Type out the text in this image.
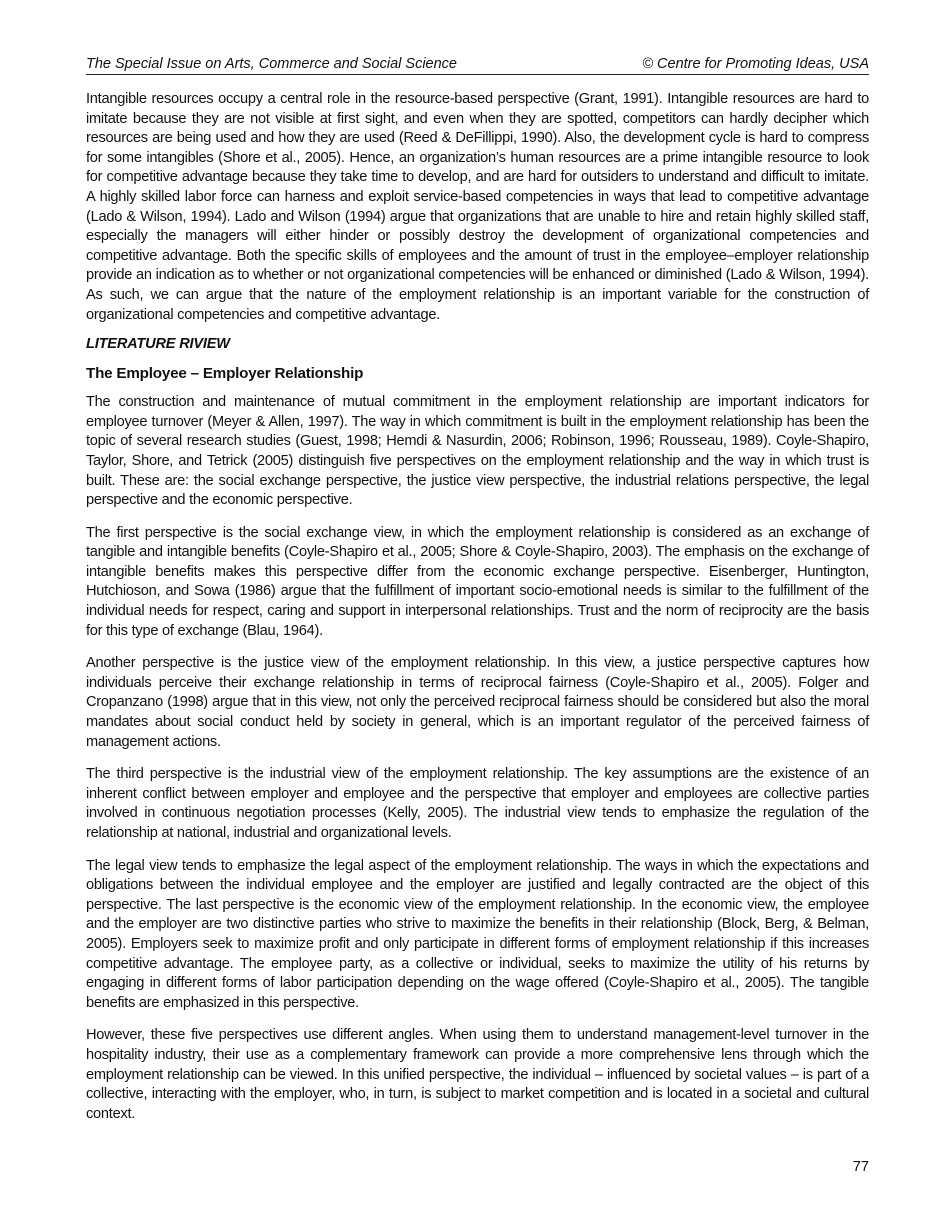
The Special Issue on Arts, Commerce and Social Science	© Centre for Promoting Ideas, USA

Intangible resources occupy a central role in the resource-based perspective (Grant, 1991). Intangible resources are hard to imitate because they are not visible at first sight, and even when they are spotted, competitors can hardly decipher which resources are being used and how they are used (Reed & DeFillippi, 1990). Also, the development cycle is hard to compress for some intangibles (Shore et al., 2005). Hence, an organization’s human resources are a prime intangible resource to look for competitive advantage because they take time to develop, and are hard for outsiders to understand and difficult to imitate. A highly skilled labor force can harness and exploit service-based competencies in ways that lead to competitive advantage (Lado & Wilson, 1994). Lado and Wilson (1994) argue that organizations that are unable to hire and retain highly skilled staff, especially the managers will either hinder or possibly destroy the development of organizational competencies and competitive advantage. Both the specific skills of employees and the amount of trust in the employee–employer relationship provide an indication as to whether or not organizational competencies will be enhanced or diminished (Lado & Wilson, 1994). As such, we can argue that the nature of the employment relationship is an important variable for the construction of organizational competencies and competitive advantage.

LITERATURE RIVIEW
The Employee – Employer Relationship

The construction and maintenance of mutual commitment in the employment relationship are important indicators for employee turnover (Meyer & Allen, 1997). The way in which commitment is built in the employment relationship has been the topic of several research studies (Guest, 1998; Hemdi & Nasurdin, 2006; Robinson, 1996; Rousseau, 1989). Coyle-Shapiro, Taylor, Shore, and Tetrick (2005) distinguish five perspectives on the employment relationship and the way in which trust is built. These are: the social exchange perspective, the justice view perspective, the industrial relations perspective, the legal perspective and the economic perspective.

The first perspective is the social exchange view, in which the employment relationship is considered as an exchange of tangible and intangible benefits (Coyle-Shapiro et al., 2005; Shore & Coyle-Shapiro, 2003). The emphasis on the exchange of intangible benefits makes this perspective differ from the economic exchange perspective. Eisenberger, Huntington, Hutchioson, and Sowa (1986) argue that the fulfillment of important socio-emotional needs is similar to the fulfillment of the individual needs for respect, caring and support in interpersonal relationships. Trust and the norm of reciprocity are the basis for this type of exchange (Blau, 1964).

Another perspective is the justice view of the employment relationship. In this view, a justice perspective captures how individuals perceive their exchange relationship in terms of reciprocal fairness (Coyle-Shapiro et al., 2005). Folger and Cropanzano (1998) argue that in this view, not only the perceived reciprocal fairness should be considered but also the moral mandates about social conduct held by society in general, which is an important regulator of the perceived fairness of management actions.

The third perspective is the industrial view of the employment relationship. The key assumptions are the existence of an inherent conflict between employer and employee and the perspective that employer and employees are collective parties involved in continuous negotiation processes (Kelly, 2005). The industrial view tends to emphasize the regulation of the relationship at national, industrial and organizational levels.

The legal view tends to emphasize the legal aspect of the employment relationship. The ways in which the expectations and obligations between the individual employee and the employer are justified and legally contracted are the object of this perspective. The last perspective is the economic view of the employment relationship. In the economic view, the employee and the employer are two distinctive parties who strive to maximize the benefits in their relationship (Block, Berg, & Belman, 2005). Employers seek to maximize profit and only participate in different forms of employment relationship if this increases competitive advantage. The employee party, as a collective or individual, seeks to maximize the utility of his returns by engaging in different forms of labor participation depending on the wage offered (Coyle-Shapiro et al., 2005). The tangible benefits are emphasized in this perspective.

However, these five perspectives use different angles. When using them to understand management-level turnover in the hospitality industry, their use as a complementary framework can provide a more comprehensive lens through which the employment relationship can be viewed. In this unified perspective, the individual – influenced by societal values – is part of a collective, interacting with the employer, who, in turn, is subject to market competition and is located in a societal and cultural context.

77
